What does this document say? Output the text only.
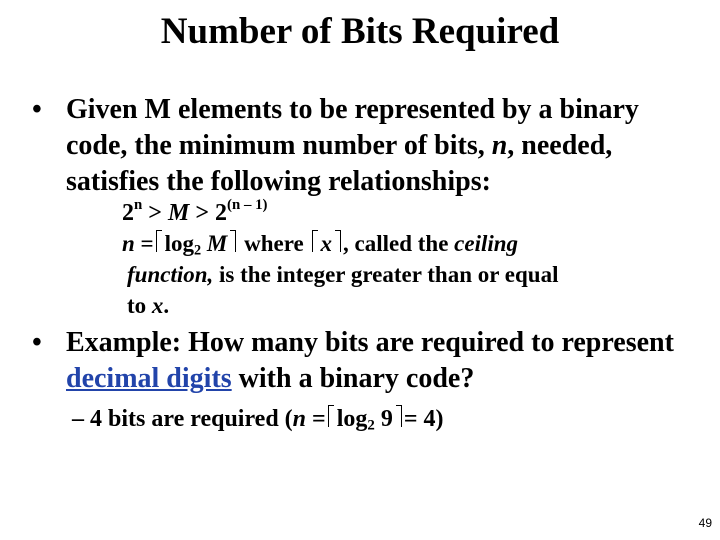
Number of Bits Required
• Given M elements to be represented by a binary code, the minimum number of bits, n, needed, satisfies the following relationships:
$2^n > M > 2^{(n - 1)}$
$n = \log_2 M$ where x , called the ceiling
function, is the integer greater than or equal
to x.
• Example: How many bits are required to represent decimal digits with a binary code?
– 4 bits are required $(n = \log_2 9 = 4)$
49
